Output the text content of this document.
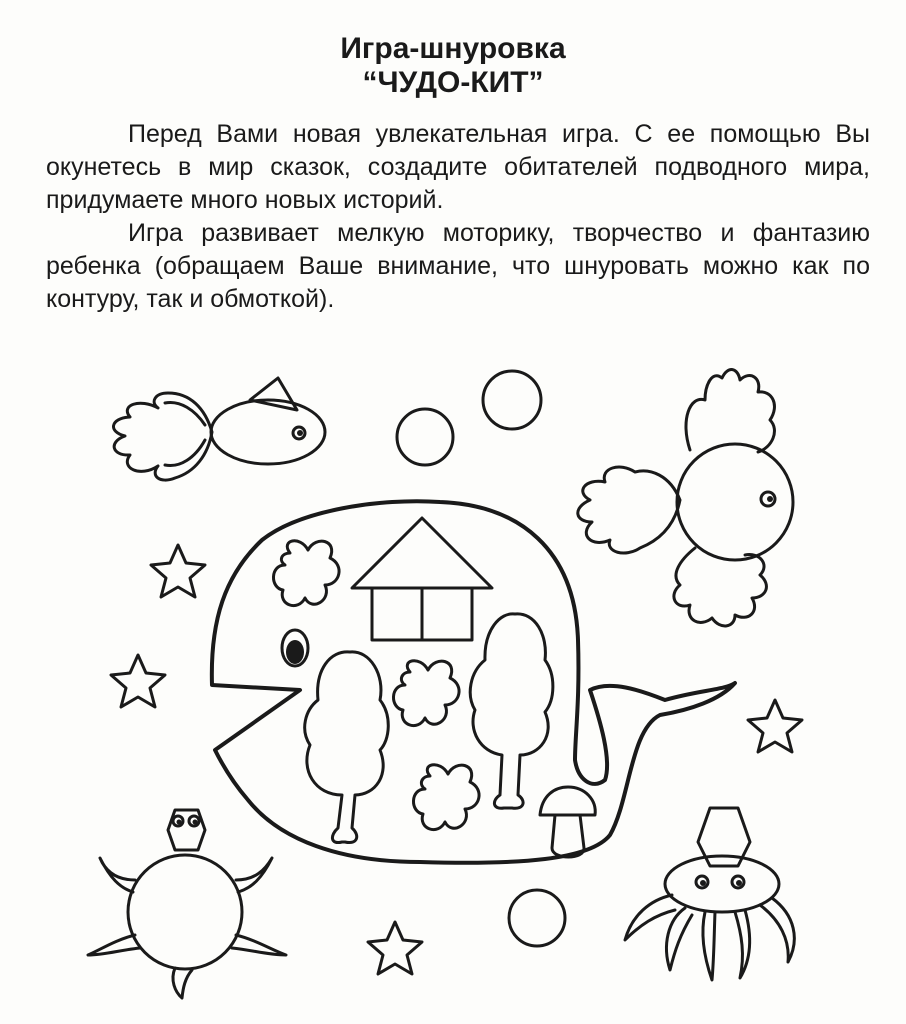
Игра-шнуровка
“ЧУДО-КИТ”

Перед Вами новая увлекательная игра. С ее помощью Вы окунетесь в мир сказок, создадите обитателей подводного мира, придумаете много новых историй.

Игра развивает мелкую моторику, творчество и фантазию ребенка (обращаем Ваше внимание, что шнуровать можно как по контуру, так и обмоткой).
